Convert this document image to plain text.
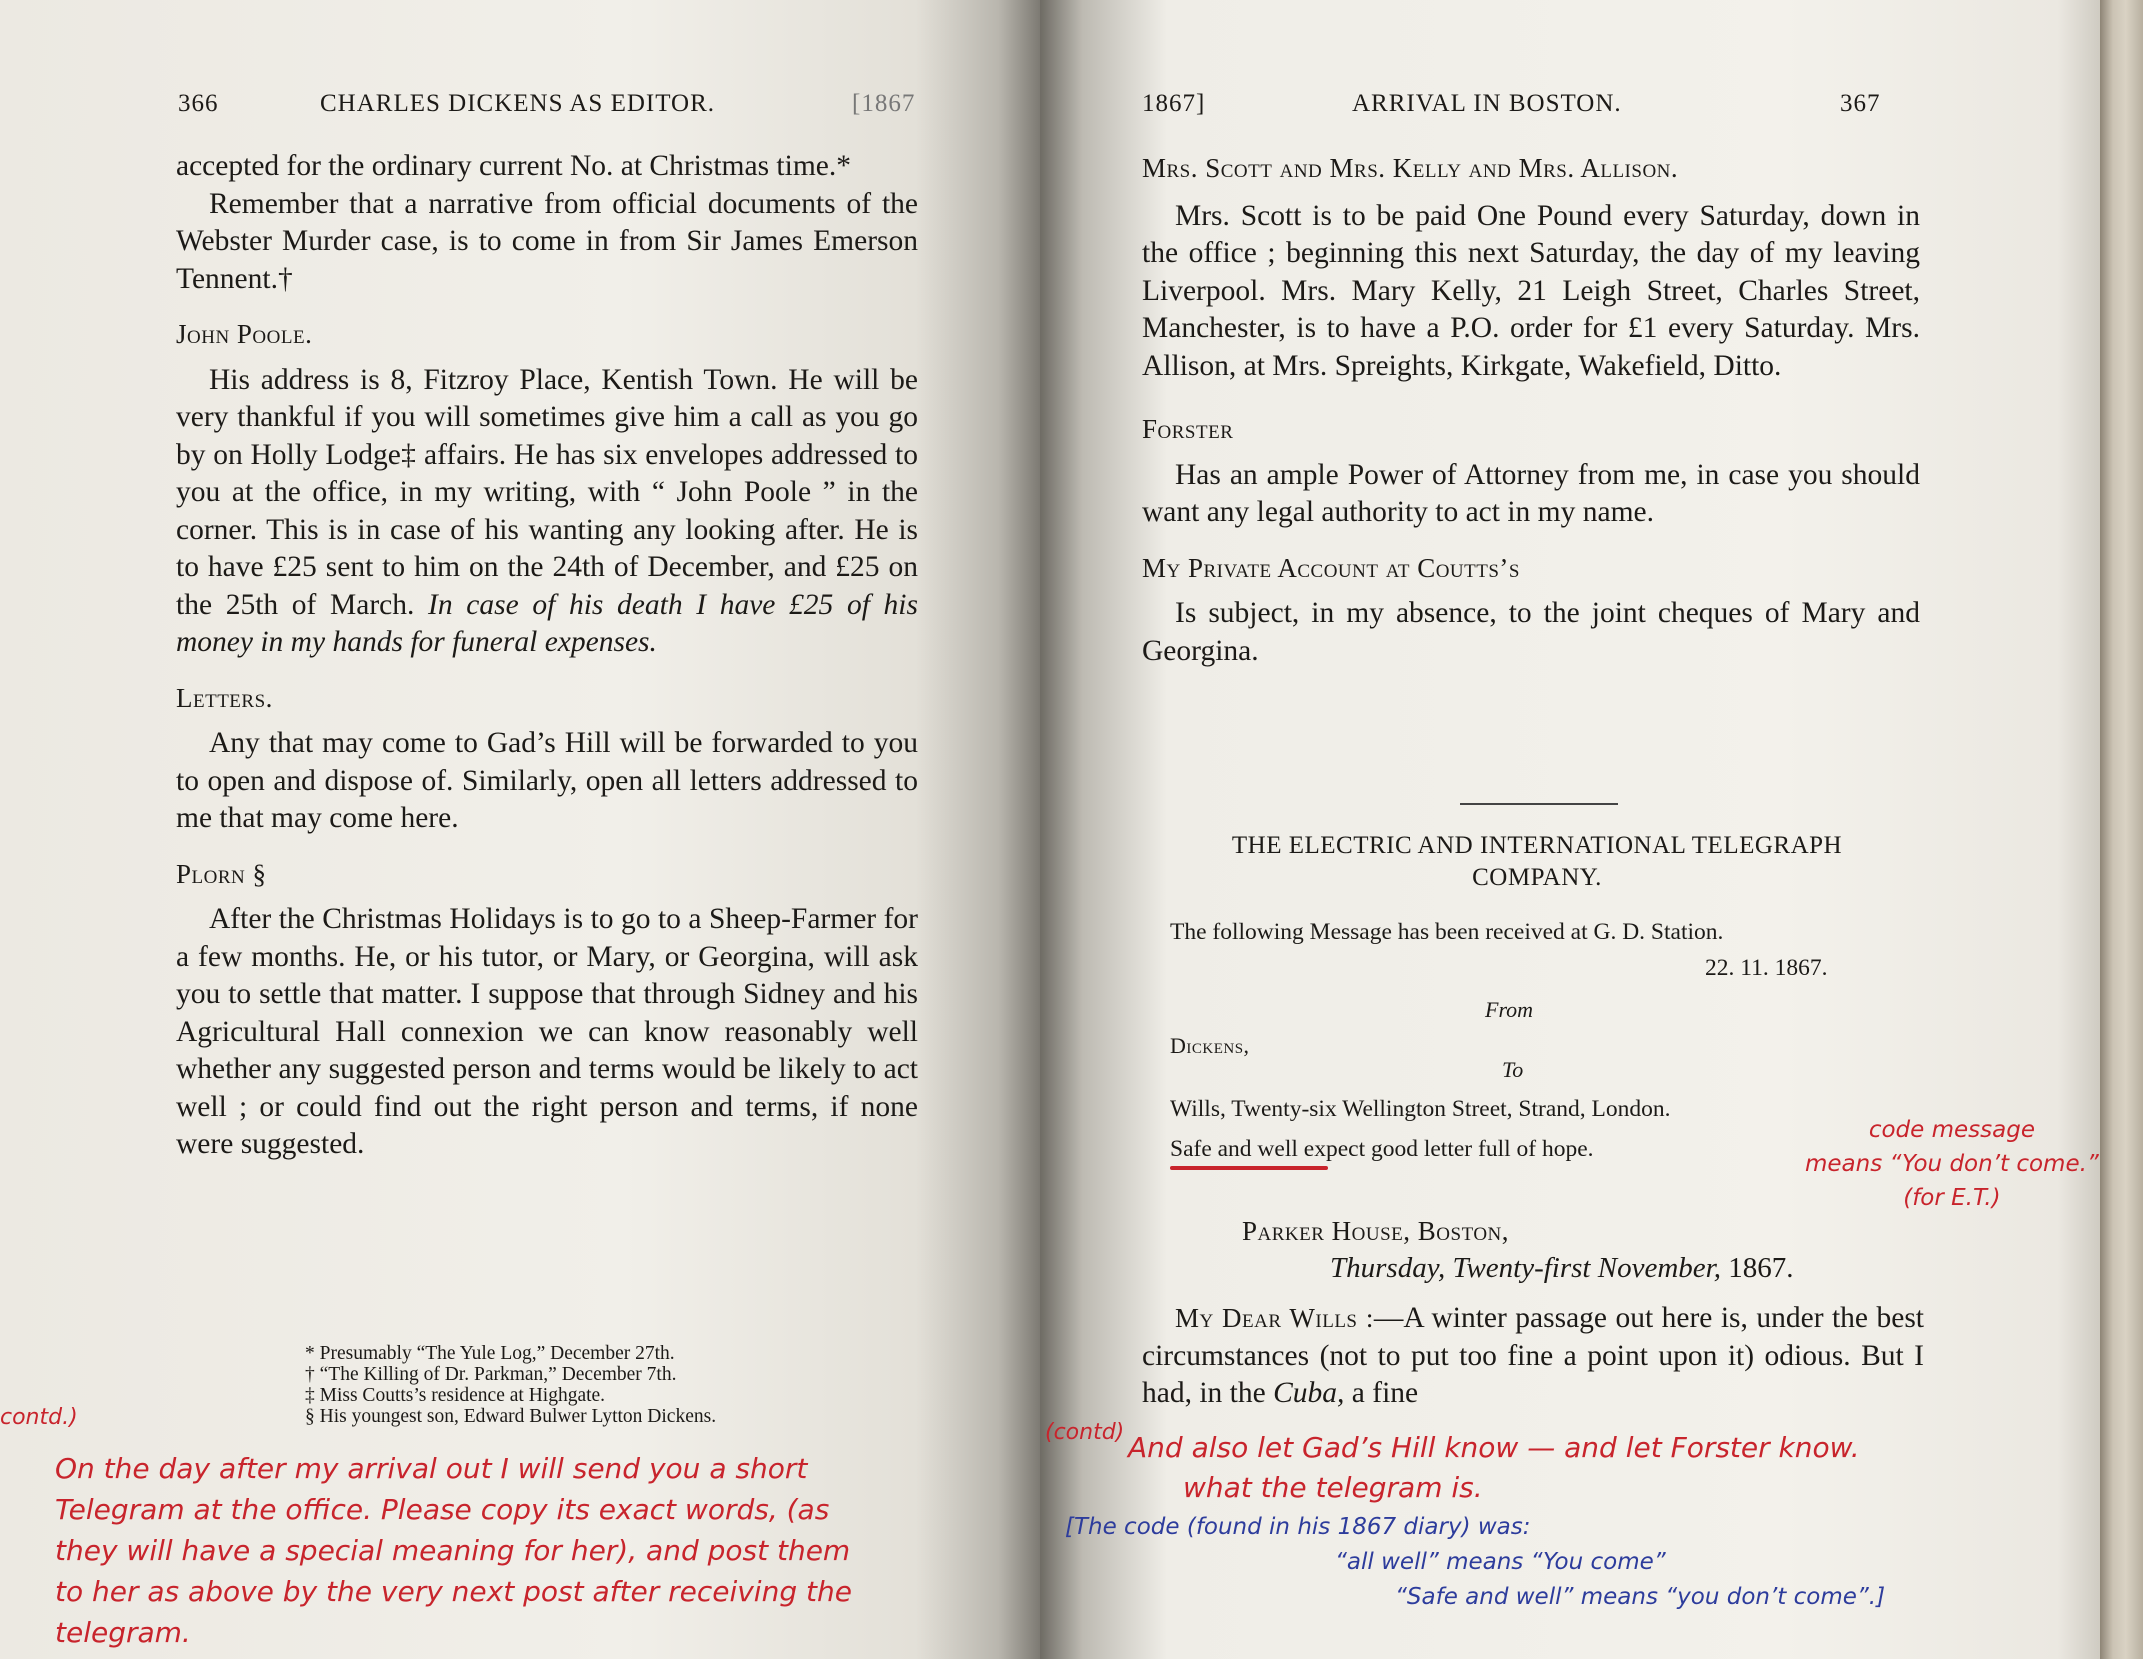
366	CHARLES DICKENS AS EDITOR.	[1867

accepted for the ordinary current No. at Christmas time.*

Remember that a narrative from official documents of the Webster Murder case, is to come in from Sir James Emerson Tennent.†

John Poole.

His address is 8, Fitzroy Place, Kentish Town. He will be very thankful if you will sometimes give him a call as you go by on Holly Lodge‡ affairs. He has six envelopes addressed to you at the office, in my writing, with “ John Poole ” in the corner. This is in case of his wanting any looking after. He is to have £25 sent to him on the 24th of December, and £25 on the 25th of March. In case of his death I have £25 of his money in my hands for funeral expenses.

Letters.

Any that may come to Gad’s Hill will be forwarded to you to open and dispose of. Similarly, open all letters addressed to me that may come here.

Plorn §

After the Christmas Holidays is to go to a Sheep-Farmer for a few months. He, or his tutor, or Mary, or Georgina, will ask you to settle that matter. I suppose that through Sidney and his Agricultural Hall connexion we can know reasonably well whether any suggested person and terms would be likely to act well ; or could find out the right person and terms, if none were suggested.

* Presumably “The Yule Log,” December 27th.
† “The Killing of Dr. Parkman,” December 7th.
‡ Miss Coutts’s residence at Highgate.
§ His youngest son, Edward Bulwer Lytton Dickens.
contd.)
On the day after my arrival out I will send you a short
Telegram at the office. Please copy its exact words, (as
they will have a special meaning for her), and post them
to her as above by the very next post after receiving the
telegram.
1867]	ARRIVAL IN BOSTON.	367
Mrs. Scott and Mrs. Kelly and Mrs. Allison.

Mrs. Scott is to be paid One Pound every Saturday, down in the office ; beginning this next Saturday, the day of my leaving Liverpool. Mrs. Mary Kelly, 21 Leigh Street, Charles Street, Manchester, is to have a P.O. order for £1 every Saturday. Mrs. Allison, at Mrs. Spreights, Kirkgate, Wakefield, Ditto.

Forster

Has an ample Power of Attorney from me, in case you should want any legal authority to act in my name.

My Private Account at Coutts’s

Is subject, in my absence, to the joint cheques of Mary and Georgina.

THE ELECTRIC AND INTERNATIONAL TELEGRAPH
COMPANY.
The following Message has been received at G. D. Station.
22. 11. 1867.
From
Dickens,
To
Wills, Twenty-six Wellington Street, Strand, London.
Safe and well expect good letter full of hope.
Parker House, Boston,
Thursday, Twenty-first November, 1867.

My Dear Wills :—A winter passage out here is, under the best circumstances (not to put too fine a point upon it) odious. But I had, in the Cuba, a fine

code message
means “You don’t come.”
(for E.T.)
(contd) And also let Gad’s Hill know — and let Forster know.
what the telegram is.
[The code (found in his 1867 diary) was:
“all well” means “You come”
“Safe and well” means “you don’t come”.]
